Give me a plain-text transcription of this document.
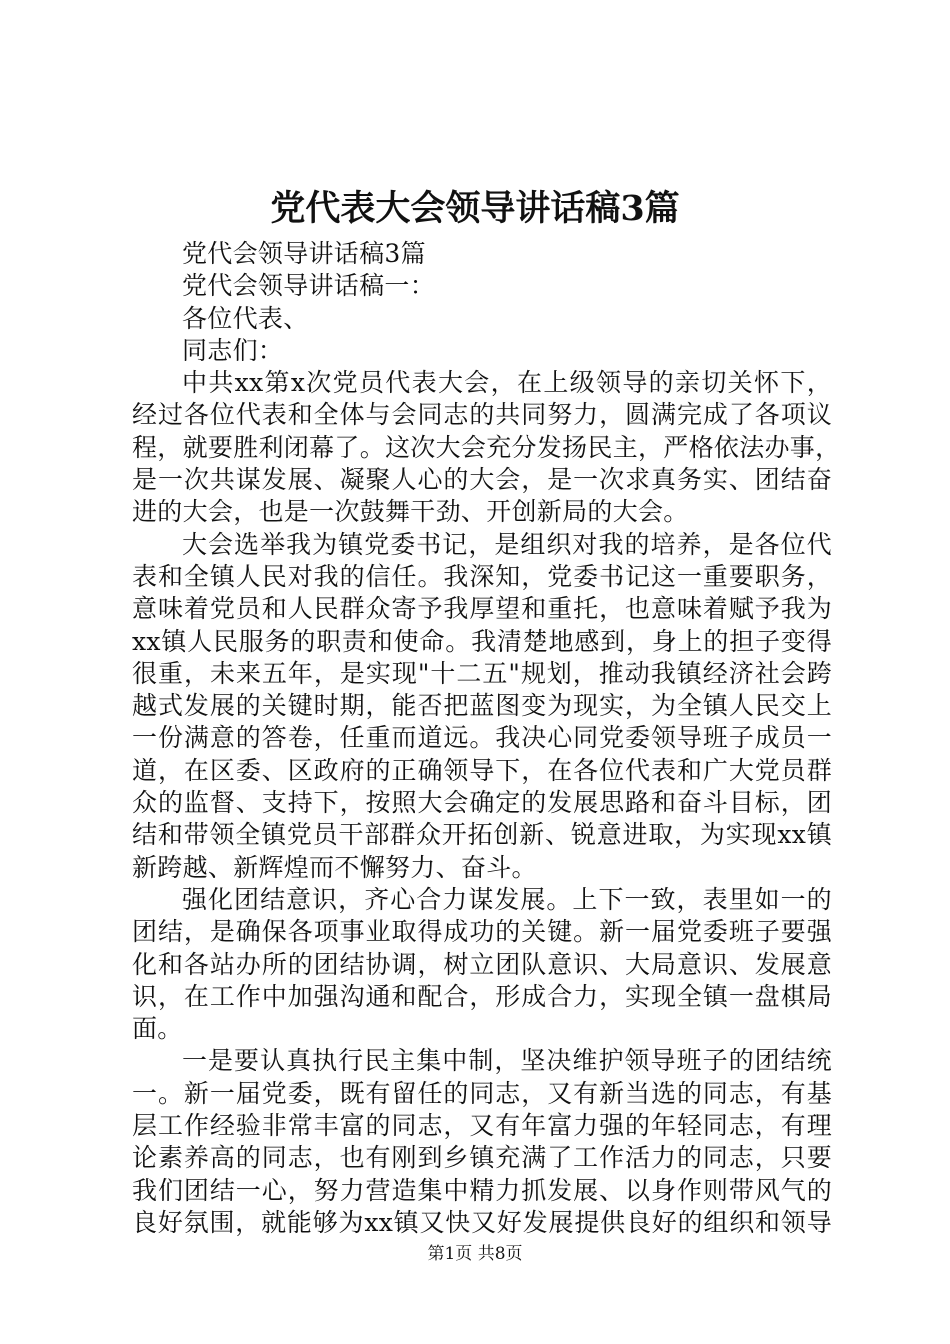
党代表大会领导讲话稿3篇
党代会领导讲话稿3篇
党代会领导讲话稿一：
各位代表、
同志们：
中共xx第x次党员代表大会，在上级领导的亲切关怀下，
经过各位代表和全体与会同志的共同努力，圆满完成了各项议
程，就要胜利闭幕了。这次大会充分发扬民主，严格依法办事，
是一次共谋发展、凝聚人心的大会，是一次求真务实、团结奋
进的大会，也是一次鼓舞干劲、开创新局的大会。
大会选举我为镇党委书记，是组织对我的培养，是各位代
表和全镇人民对我的信任。我深知，党委书记这一重要职务，
意味着党员和人民群众寄予我厚望和重托，也意味着赋予我为
xx镇人民服务的职责和使命。我清楚地感到，身上的担子变得
很重，未来五年，是实现"十二五"规划，推动我镇经济社会跨
越式发展的关键时期，能否把蓝图变为现实，为全镇人民交上
一份满意的答卷，任重而道远。我决心同党委领导班子成员一
道，在区委、区政府的正确领导下，在各位代表和广大党员群
众的监督、支持下，按照大会确定的发展思路和奋斗目标，团
结和带领全镇党员干部群众开拓创新、锐意进取，为实现xx镇
新跨越、新辉煌而不懈努力、奋斗。
强化团结意识，齐心合力谋发展。上下一致，表里如一的
团结，是确保各项事业取得成功的关键。新一届党委班子要强
化和各站办所的团结协调，树立团队意识、大局意识、发展意
识，在工作中加强沟通和配合，形成合力，实现全镇一盘棋局
面。
一是要认真执行民主集中制，坚决维护领导班子的团结统
一。新一届党委，既有留任的同志，又有新当选的同志，有基
层工作经验非常丰富的同志，又有年富力强的年轻同志，有理
论素养高的同志，也有刚到乡镇充满了工作活力的同志，只要
我们团结一心，努力营造集中精力抓发展、以身作则带风气的
良好氛围，就能够为xx镇又快又好发展提供良好的组织和领导
第1页 共8页
